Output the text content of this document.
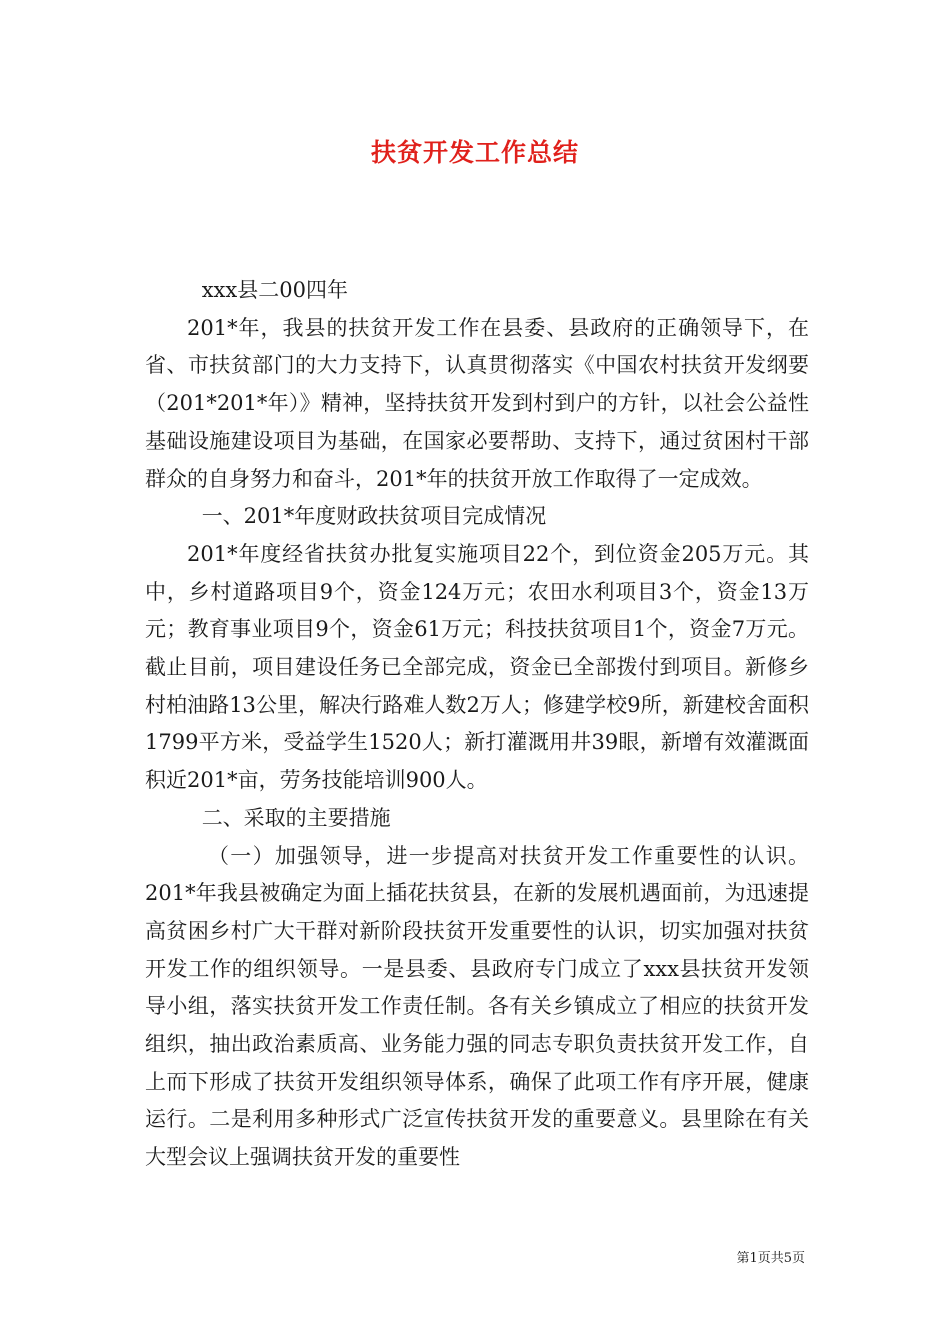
扶贫开发工作总结

xxx县二00四年

201*年，我县的扶贫开发工作在县委、县政府的正确领导下，在省、市扶贫部门的大力支持下，认真贯彻落实《中国农村扶贫开发纲要（201*201*年）》精神，坚持扶贫开发到村到户的方针，以社会公益性基础设施建设项目为基础，在国家必要帮助、支持下，通过贫困村干部群众的自身努力和奋斗，201*年的扶贫开放工作取得了一定成效。

一、201*年度财政扶贫项目完成情况

201*年度经省扶贫办批复实施项目22个，到位资金205万元。其中，乡村道路项目9个，资金124万元；农田水利项目3个，资金13万元；教育事业项目9个，资金61万元；科技扶贫项目1个，资金7万元。截止目前，项目建设任务已全部完成，资金已全部拨付到项目。新修乡村柏油路13公里，解决行路难人数2万人；修建学校9所，新建校舍面积1799平方米，受益学生1520人；新打灌溉用井39眼，新增有效灌溉面积近201*亩，劳务技能培训900人。

二、采取的主要措施

（一）加强领导，进一步提高对扶贫开发工作重要性的认识。201*年我县被确定为面上插花扶贫县，在新的发展机遇面前，为迅速提高贫困乡村广大干群对新阶段扶贫开发重要性的认识，切实加强对扶贫开发工作的组织领导。一是县委、县政府专门成立了xxx县扶贫开发领导小组，落实扶贫开发工作责任制。各有关乡镇成立了相应的扶贫开发组织，抽出政治素质高、业务能力强的同志专职负责扶贫开发工作，自上而下形成了扶贫开发组织领导体系，确保了此项工作有序开展，健康运行。二是利用多种形式广泛宣传扶贫开发的重要意义。县里除在有关大型会议上强调扶贫开发的重要性

第1页共5页
